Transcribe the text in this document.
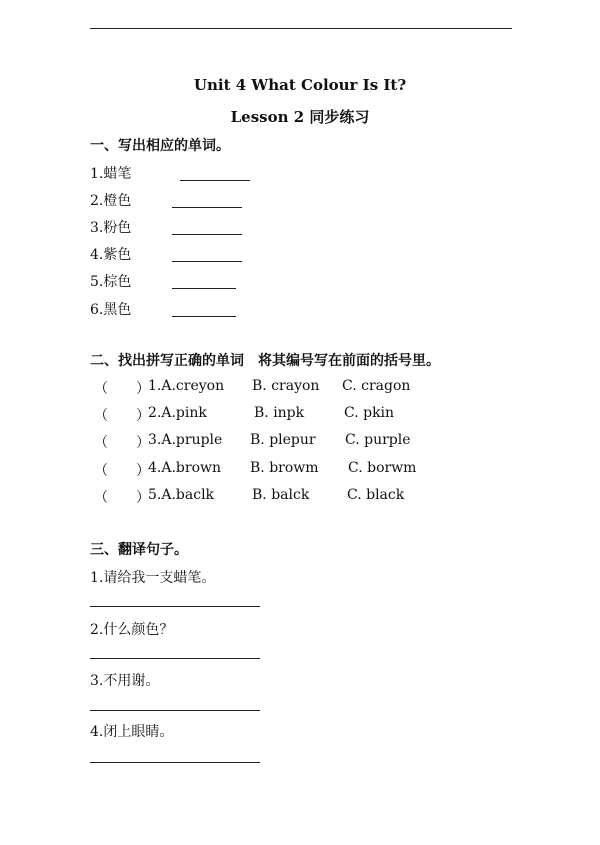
Unit 4 What Colour Is It?
Lesson 2 同步练习
一、写出相应的单词。
1.蜡笔
2.橙色
3.粉色
4.紫色
5.棕色
6.黑色
二、找出拼写正确的单词　将其编号写在前面的括号里。
（　　）
1.A.creyon B. crayon C. cragon
（　　）
2.A.pink	B. inpk	C. pkin
（　　）
3.A.pruple B. plepur C. purple
（　　）
4.A.brown B. browm C. borwm
（　　）
5.A.baclk	B. balck	C. black
三、翻译句子。
1.请给我一支蜡笔。
2.什么颜色？
3.不用谢。
4.闭上眼睛。
